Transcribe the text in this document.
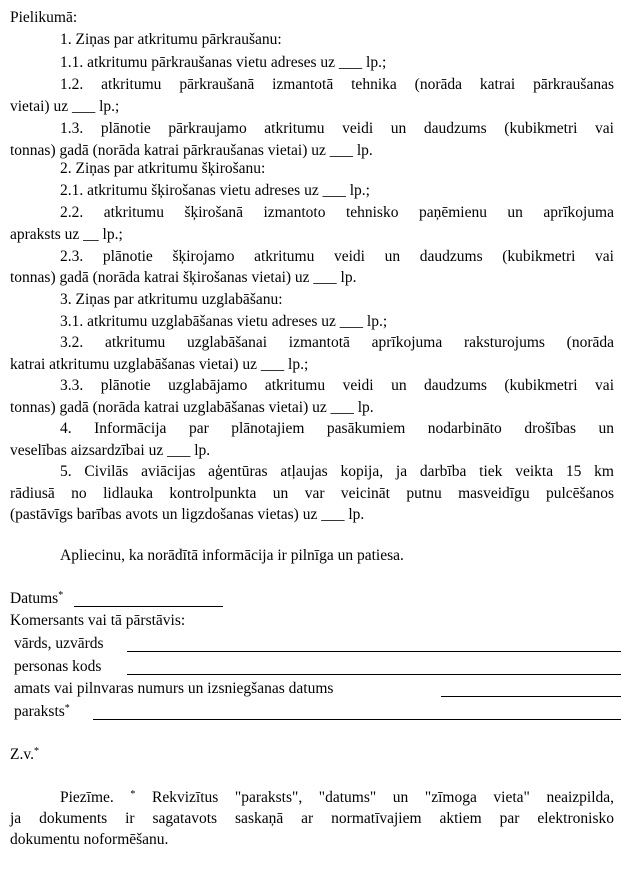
Pielikumā:
1. Ziņas par atkritumu pārkraušanu:
1.1. atkritumu pārkraušanas vietu adreses uz ___ lp.;
1.2. atkritumu pārkraušanā izmantotā tehnika (norāda katrai pārkraušanas
vietai) uz ___ lp.;
1.3. plānotie pārkraujamo atkritumu veidi un daudzums (kubikmetri vai
tonnas) gadā (norāda katrai pārkraušanas vietai) uz ___ lp.
2. Ziņas par atkritumu šķirošanu:
2.1. atkritumu šķirošanas vietu adreses uz ___ lp.;
2.2. atkritumu šķirošanā izmantoto tehnisko paņēmienu un aprīkojuma
apraksts uz __ lp.;
2.3. plānotie šķirojamo atkritumu veidi un daudzums (kubikmetri vai
tonnas) gadā (norāda katrai šķirošanas vietai) uz ___ lp.
3. Ziņas par atkritumu uzglabāšanu:
3.1. atkritumu uzglabāšanas vietu adreses uz ___ lp.;
3.2. atkritumu uzglabāšanai izmantotā aprīkojuma raksturojums (norāda
katrai atkritumu uzglabāšanas vietai) uz ___ lp.;
3.3. plānotie uzglabājamo atkritumu veidi un daudzums (kubikmetri vai
tonnas) gadā (norāda katrai uzglabāšanas vietai) uz ___ lp.
4. Informācija par plānotajiem pasākumiem nodarbināto drošības un
veselības aizsardzībai uz ___ lp.
5. Civilās aviācijas aģentūras atļaujas kopija, ja darbība tiek veikta 15 km
rādiusā no lidlauka kontrolpunkta un var veicināt putnu masveidīgu pulcēšanos
(pastāvīgs barības avots un ligzdošanas vietas) uz ___ lp.
Apliecinu, ka norādītā informācija ir pilnīga un patiesa.
Datums*
Komersants vai tā pārstāvis:
vārds, uzvārds
personas kods
amats vai pilnvaras numurs un izsniegšanas datums
paraksts*
Z.v.*
Piezīme. * Rekvizītus "paraksts", "datums" un "zīmoga vieta" neaizpilda,
ja dokuments ir sagatavots saskaņā ar normatīvajiem aktiem par elektronisko
dokumentu noformēšanu.
